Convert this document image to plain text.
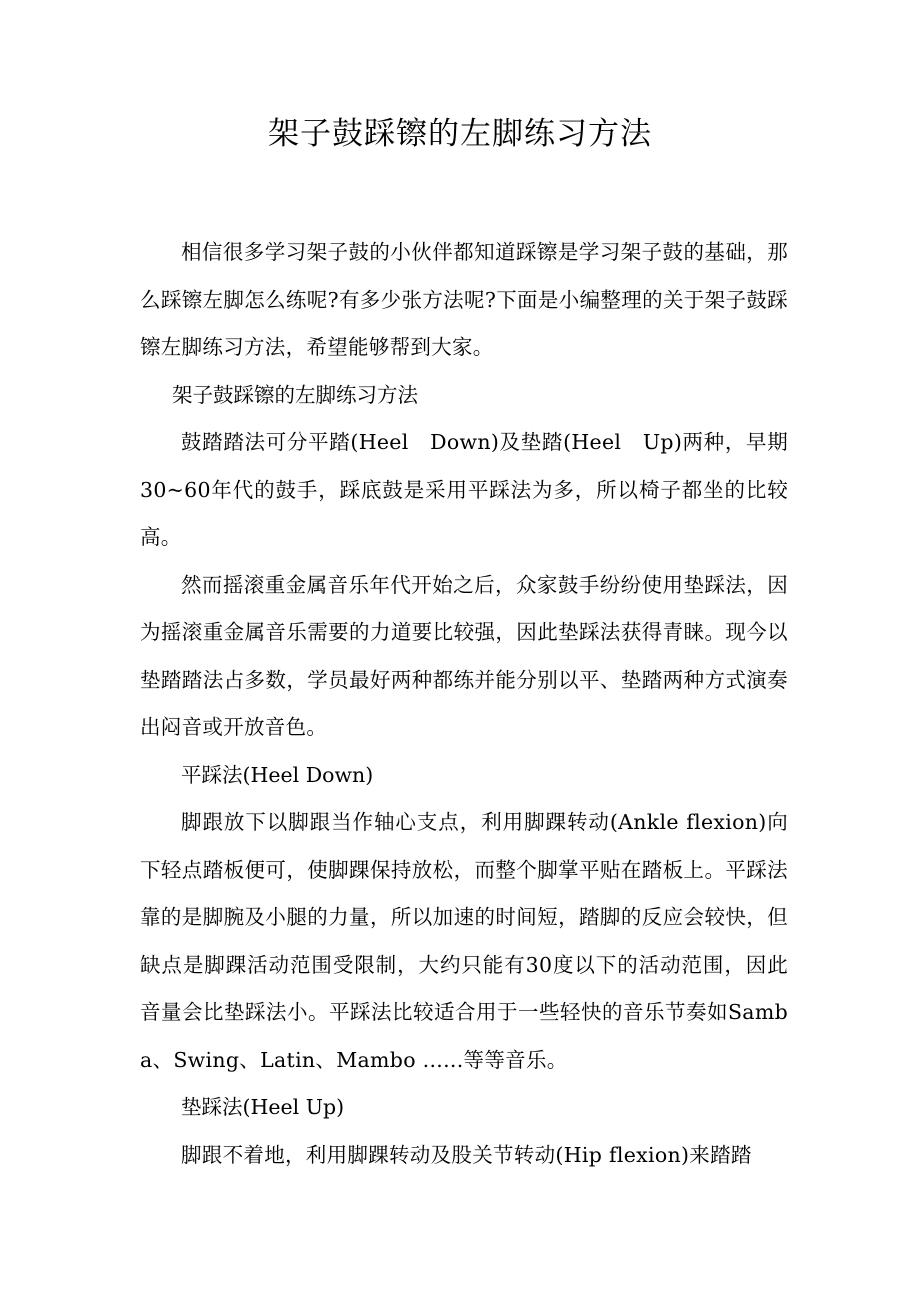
架子鼓踩镲的左脚练习方法

相信很多学习架子鼓的小伙伴都知道踩镲是学习架子鼓的基础，那么踩镲左脚怎么练呢?有多少张方法呢?下面是小编整理的关于架子鼓踩镲左脚练习方法，希望能够帮到大家。

架子鼓踩镲的左脚练习方法

鼓踏踏法可分平踏(Heel　Down)及垫踏(Heel　Up)两种，早期30~60年代的鼓手，踩底鼓是采用平踩法为多，所以椅子都坐的比较高。

然而摇滚重金属音乐年代开始之后，众家鼓手纷纷使用垫踩法，因为摇滚重金属音乐需要的力道要比较强，因此垫踩法获得青睐。现今以垫踏踏法占多数，学员最好两种都练并能分别以平、垫踏两种方式演奏出闷音或开放音色。

平踩法(Heel Down)

脚跟放下以脚跟当作轴心支点，利用脚踝转动(Ankle flexion)向下轻点踏板便可，使脚踝保持放松，而整个脚掌平贴在踏板上。平踩法靠的是脚腕及小腿的力量，所以加速的时间短，踏脚的反应会较快，但缺点是脚踝活动范围受限制，大约只能有30度以下的活动范围，因此音量会比垫踩法小。平踩法比较适合用于一些轻快的音乐节奏如Samba、Swing、Latin、Mambo ......等等音乐。

垫踩法(Heel Up)

脚跟不着地，利用脚踝转动及股关节转动(Hip flexion)来踏踏
